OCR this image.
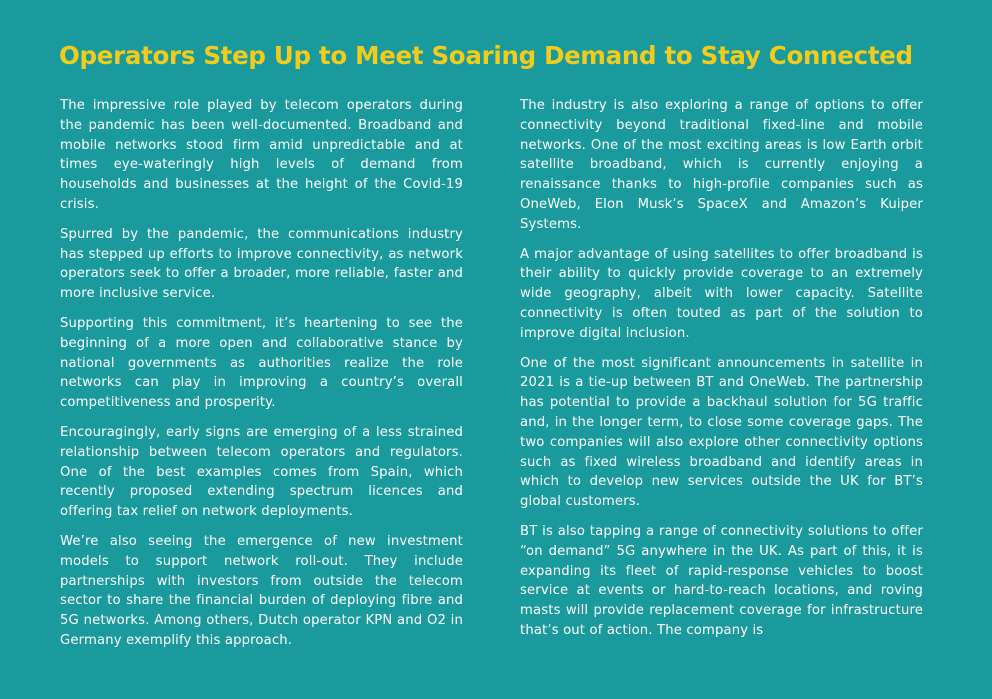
Operators Step Up to Meet Soaring Demand to Stay Connected

The impressive role played by telecom operators during the pandemic has been well-documented. Broadband and mobile networks stood firm amid unpredictable and at times eye-wateringly high levels of demand from households and businesses at the height of the Covid-19 crisis.

Spurred by the pandemic, the communications industry has stepped up efforts to improve connectivity, as network operators seek to offer a broader, more reliable, faster and more inclusive service.

Supporting this commitment, it’s heartening to see the beginning of a more open and collaborative stance by national governments as authorities realize the role networks can play in improving a country’s overall competitiveness and prosperity.

Encouragingly, early signs are emerging of a less strained relationship between telecom operators and regulators. One of the best examples comes from Spain, which recently proposed extending spectrum licences and offering tax relief on network deployments.

We’re also seeing the emergence of new investment models to support network roll-out. They include partnerships with investors from outside the telecom sector to share the financial burden of deploying fibre and 5G networks. Among others, Dutch operator KPN and O2 in Germany exemplify this approach.

The industry is also exploring a range of options to offer connectivity beyond traditional fixed-line and mobile networks. One of the most exciting areas is low Earth orbit satellite broadband, which is currently enjoying a renaissance thanks to high-profile companies such as OneWeb, Elon Musk’s SpaceX and Amazon’s Kuiper Systems.

A major advantage of using satellites to offer broadband is their ability to quickly provide coverage to an extremely wide geography, albeit with lower capacity. Satellite connectivity is often touted as part of the solution to improve digital inclusion.

One of the most significant announcements in satellite in 2021 is a tie-up between BT and OneWeb. The partnership has potential to provide a backhaul solution for 5G traffic and, in the longer term, to close some coverage gaps. The two companies will also explore other connectivity options such as fixed wireless broadband and identify areas in which to develop new services outside the UK for BT’s global customers.

BT is also tapping a range of connectivity solutions to offer “on demand” 5G anywhere in the UK. As part of this, it is expanding its fleet of rapid-response vehicles to boost service at events or hard-to-reach locations, and roving masts will provide replacement coverage for infrastructure that’s out of action. The company is
